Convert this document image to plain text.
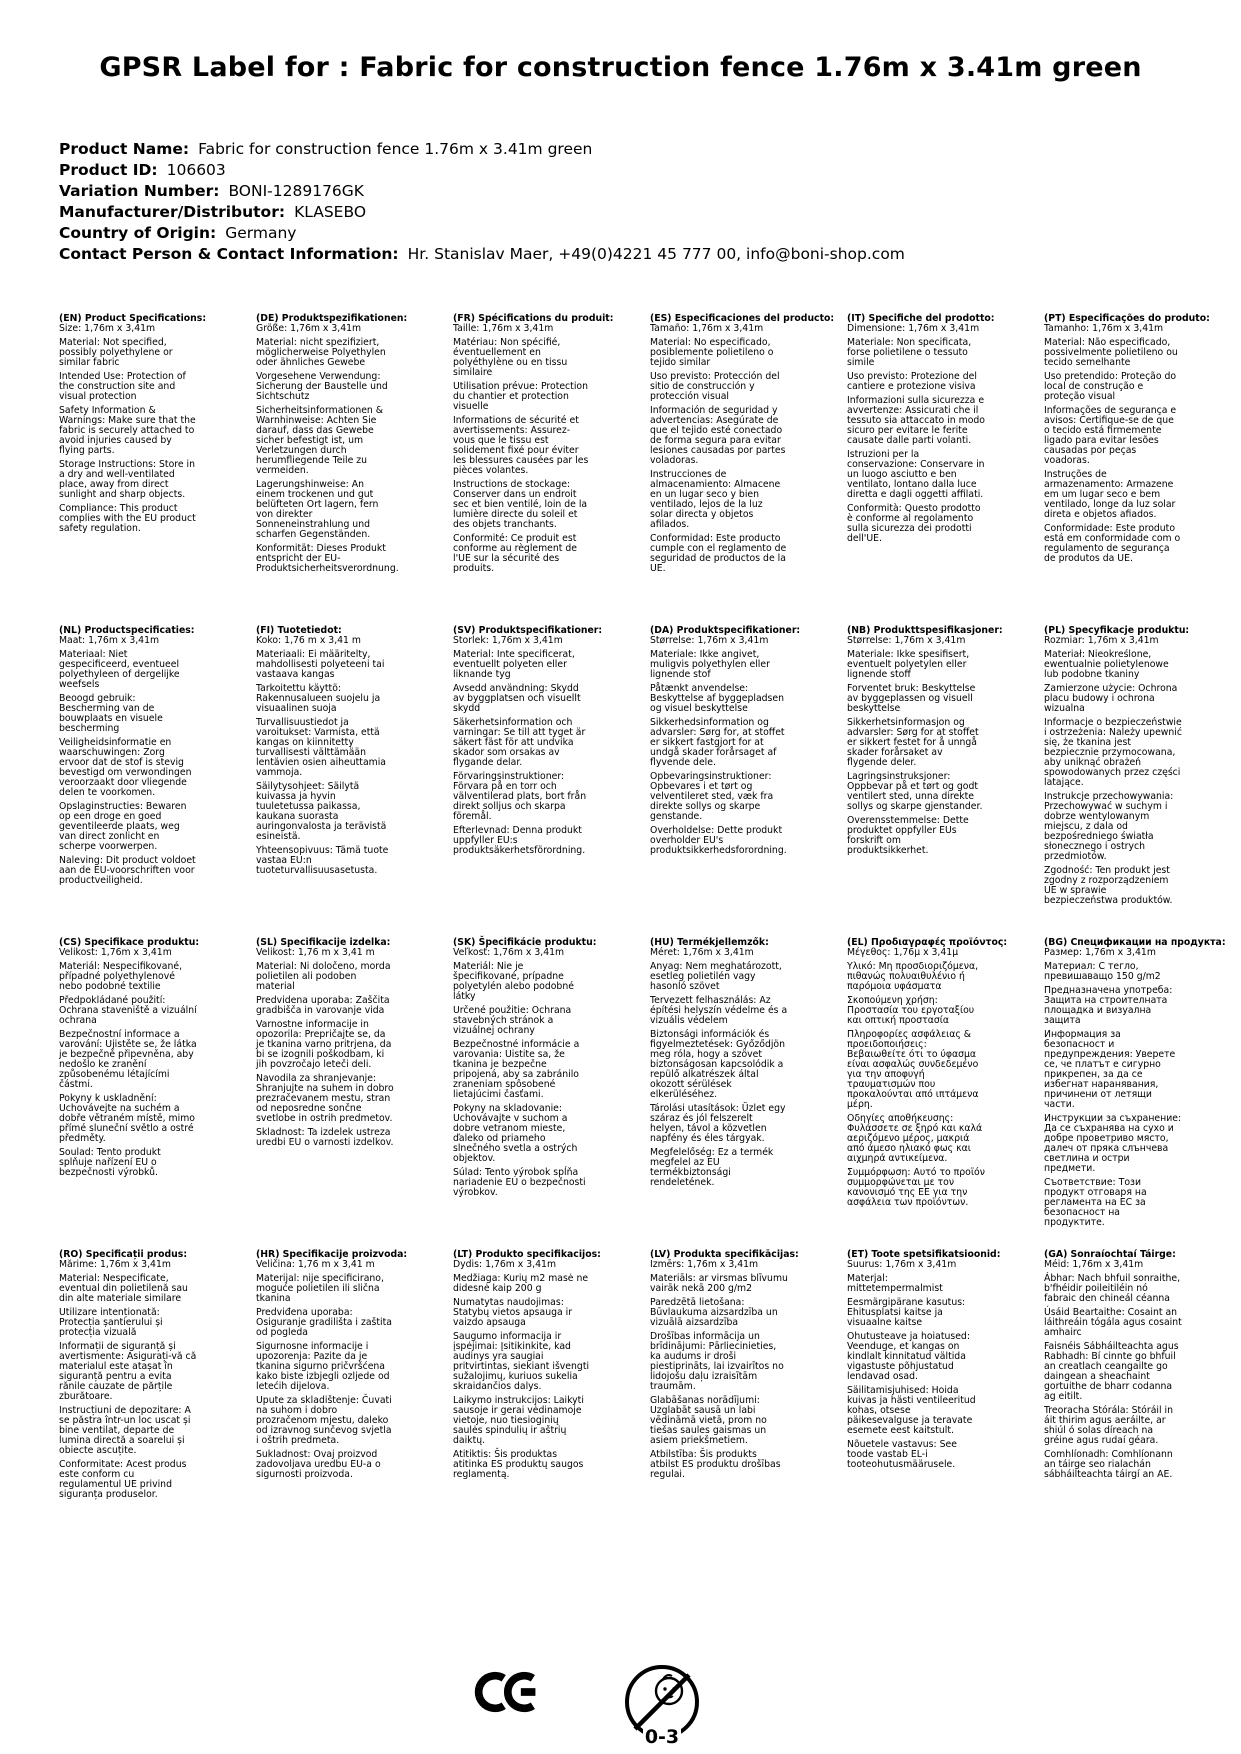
GPSR Label for : Fabric for construction fence 1.76m x 3.41m green
Product Name: Fabric for construction fence 1.76m x 3.41m green
Product ID: 106603
Variation Number: BONI-1289176GK
Manufacturer/Distributor: KLASEBO
Country of Origin: Germany
Contact Person & Contact Information: Hr. Stanislav Maer, +49(0)4221 45 777 00, info@boni-shop.com
(EN) Product Specifications:

Size: 1,76m x 3,41m

Material: Not specified, possibly polyethylene or similar fabric

Intended Use: Protection of the construction site and visual protection

Safety Information & Warnings: Make sure that the fabric is securely attached to avoid injuries caused by flying parts.

Storage Instructions: Store in a dry and well-ventilated place, away from direct sunlight and sharp objects.

Compliance: This product complies with the EU product safety regulation.

(DE) Produktspezifikationen:

Größe: 1,76m x 3,41m

Material: nicht spezifiziert, möglicherweise Polyethylen oder ähnliches Gewebe

Vorgesehene Verwendung: Sicherung der Baustelle und Sichtschutz

Sicherheitsinformationen & Warnhinweise: Achten Sie darauf, dass das Gewebe sicher befestigt ist, um Verletzungen durch herumfliegende Teile zu vermeiden.

Lagerungshinweise: An einem trockenen und gut belüfteten Ort lagern, fern von direkter Sonneneinstrahlung und scharfen Gegenständen.

Konformität: Dieses Produkt entspricht der EU-Produktsicherheitsverordnung.

(FR) Spécifications du produit:

Taille: 1,76m x 3,41m

Matériau: Non spécifié, éventuellement en polyéthylène ou en tissu similaire

Utilisation prévue: Protection du chantier et protection visuelle

Informations de sécurité et avertissements: Assurez-vous que le tissu est solidement fixé pour éviter les blessures causées par les pièces volantes.

Instructions de stockage: Conserver dans un endroit sec et bien ventilé, loin de la lumière directe du soleil et des objets tranchants.

Conformité: Ce produit est conforme au règlement de l'UE sur la sécurité des produits.

(ES) Especificaciones del producto:

Tamaño: 1,76m x 3,41m

Material: No especificado, posiblemente polietileno o tejido similar

Uso previsto: Protección del sitio de construcción y protección visual

Información de seguridad y advertencias: Asegúrate de que el tejido esté conectado de forma segura para evitar lesiones causadas por partes voladoras.

Instrucciones de almacenamiento: Almacene en un lugar seco y bien ventilado, lejos de la luz solar directa y objetos afilados.

Conformidad: Este producto cumple con el reglamento de seguridad de productos de la UE.

(IT) Specifiche del prodotto:

Dimensione: 1,76m x 3,41m

Materiale: Non specificata, forse polietilene o tessuto simile

Uso previsto: Protezione del cantiere e protezione visiva

Informazioni sulla sicurezza e avvertenze: Assicurati che il tessuto sia attaccato in modo sicuro per evitare le ferite causate dalle parti volanti.

Istruzioni per la conservazione: Conservare in un luogo asciutto e ben ventilato, lontano dalla luce diretta e dagli oggetti affilati.

Conformità: Questo prodotto è conforme al regolamento sulla sicurezza dei prodotti dell'UE.

(PT) Especificações do produto:

Tamanho: 1,76m x 3,41m

Material: Não especificado, possivelmente polietileno ou tecido semelhante

Uso pretendido: Proteção do local de construção e proteção visual

Informações de segurança e avisos: Certifique-se de que o tecido está firmemente ligado para evitar lesões causadas por peças voadoras.

Instruções de armazenamento: Armazene em um lugar seco e bem ventilado, longe da luz solar direta e objetos afiados.

Conformidade: Este produto está em conformidade com o regulamento de segurança de produtos da UE.

(NL) Productspecificaties:

Maat: 1,76m x 3,41m

Materiaal: Niet gespecificeerd, eventueel polyethyleen of dergelijke weefsels

Beoogd gebruik: Bescherming van de bouwplaats en visuele bescherming

Veiligheidsinformatie en waarschuwingen: Zorg ervoor dat de stof is stevig bevestigd om verwondingen veroorzaakt door vliegende delen te voorkomen.

Opslaginstructies: Bewaren op een droge en goed geventileerde plaats, weg van direct zonlicht en scherpe voorwerpen.

Naleving: Dit product voldoet aan de EU-voorschriften voor productveiligheid.

(FI) Tuotetiedot:

Koko: 1,76 m x 3,41 m

Materiaali: Ei määritelty, mahdollisesti polyeteeni tai vastaava kangas

Tarkoitettu käyttö: Rakennusalueen suojelu ja visuaalinen suoja

Turvallisuustiedot ja varoitukset: Varmista, että kangas on kiinnitetty turvallisesti välttämään lentävien osien aiheuttamia vammoja.

Säilytysohjeet: Säilytä kuivassa ja hyvin tuuletetussa paikassa, kaukana suorasta auringonvalosta ja terävistä esineistä.

Yhteensopivuus: Tämä tuote vastaa EU:n tuoteturvallisuusasetusta.

(SV) Produktspecifikationer:

Storlek: 1,76m x 3,41m

Material: Inte specificerat, eventuellt polyeten eller liknande tyg

Avsedd användning: Skydd av byggplatsen och visuellt skydd

Säkerhetsinformation och varningar: Se till att tyget är säkert fäst för att undvika skador som orsakas av flygande delar.

Förvaringsinstruktioner: Förvara på en torr och välventilerad plats, bort från direkt solljus och skarpa föremål.

Efterlevnad: Denna produkt uppfyller EU:s produktsäkerhetsförordning.

(DA) Produktspecifikationer:

Størrelse: 1,76m x 3,41m

Materiale: Ikke angivet, muligvis polyethylen eller lignende stof

Påtænkt anvendelse: Beskyttelse af byggepladsen og visuel beskyttelse

Sikkerhedsinformation og advarsler: Sørg for, at stoffet er sikkert fastgjort for at undgå skader forårsaget af flyvende dele.

Opbevaringsinstruktioner: Opbevares i et tørt og velventileret sted, væk fra direkte sollys og skarpe genstande.

Overholdelse: Dette produkt overholder EU's produktsikkerhedsforordning.

(NB) Produkttspesifikasjoner:

Størrelse: 1,76m x 3,41m

Materiale: Ikke spesifisert, eventuelt polyetylen eller lignende stoff

Forventet bruk: Beskyttelse av byggeplassen og visuell beskyttelse

Sikkerhetsinformasjon og advarsler: Sørg for at stoffet er sikkert festet for å unngå skader forårsaket av flygende deler.

Lagringsinstruksjoner: Oppbevar på et tørt og godt ventilert sted, unna direkte sollys og skarpe gjenstander.

Overensstemmelse: Dette produktet oppfyller EUs forskrift om produktsikkerhet.

(PL) Specyfikacje produktu:

Rozmiar: 1,76m x 3,41m

Materiał: Nieokreślone, ewentualnie polietylenowe lub podobne tkaniny

Zamierzone użycie: Ochrona placu budowy i ochrona wizualna

Informacje o bezpieczeństwie i ostrzeżenia: Należy upewnić się, że tkanina jest bezpiecznie przymocowana, aby uniknąć obrażeń spowodowanych przez części latające.

Instrukcje przechowywania: Przechowywać w suchym i dobrze wentylowanym miejscu, z dala od bezpośredniego światła słonecznego i ostrych przedmiotów.

Zgodność: Ten produkt jest zgodny z rozporządzeniem UE w sprawie bezpieczeństwa produktów.

(CS) Specifikace produktu:

Velikost: 1,76m x 3,41m

Materiál: Nespecifikované, případné polyethylenové nebo podobné textilie

Předpokládané použití: Ochrana staveniště a vizuální ochrana

Bezpečnostní informace a varování: Ujistěte se, že látka je bezpečně připevněna, aby nedošlo ke zranění způsobenému létajícími částmi.

Pokyny k uskladnění: Uchovávejte na suchém a dobře větraném místě, mimo přímé sluneční světlo a ostré předměty.

Soulad: Tento produkt splňuje nařízení EU o bezpečnosti výrobků.

(SL) Specifikacije izdelka:

Velikost: 1,76 m x 3,41 m

Material: Ni določeno, morda polietilen ali podoben material

Predvidena uporaba: Zaščita gradbišča in varovanje vida

Varnostne informacije in opozorila: Prepričajte se, da je tkanina varno pritrjena, da bi se izognili poškodbam, ki jih povzročajo leteči deli.

Navodila za shranjevanje: Shranjujte na suhem in dobro prezračevanem mestu, stran od neposredne sončne svetlobe in ostrih predmetov.

Skladnost: Ta izdelek ustreza uredbi EU o varnosti izdelkov.

(SK) Špecifikácie produktu:

Veľkosť: 1,76m x 3,41m

Materiál: Nie je špecifikované, prípadne polyetylén alebo podobné látky

Určené použitie: Ochrana stavebných stránok a vizuálnej ochrany

Bezpečnostné informácie a varovania: Uistite sa, že tkanina je bezpečne pripojená, aby sa zabránilo zraneniam spôsobené lietajúcimi časťami.

Pokyny na skladovanie: Uchovávajte v suchom a dobre vetranom mieste, ďaleko od priameho slnečného svetla a ostrých objektov.

Súlad: Tento výrobok spĺňa nariadenie EÚ o bezpečnosti výrobkov.

(HU) Termékjellemzők:

Méret: 1,76m x 3,41m

Anyag: Nem meghatározott, esetleg polietilén vagy hasonló szövet

Tervezett felhasználás: Az építési helyszín védelme és a vizuális védelem

Biztonsági információk és figyelmeztetések: Győződjön meg róla, hogy a szövet biztonságosan kapcsolódik a repülő alkatrészek által okozott sérülések elkerüléséhez.

Tárolási utasítások: Üzlet egy száraz és jól felszerelt helyen, távol a közvetlen napfény és éles tárgyak.

Megfelelőség: Ez a termék megfelel az EU termékbiztonsági rendeletének.

(EL) Προδιαγραφές προϊόντος:

Μέγεθος: 1,76μ x 3,41μ

Υλικό: Μη προσδιοριζόμενα, πιθανώς πολυαιθυλένιο ή παρόμοια υφάσματα

Σκοπούμενη χρήση: Προστασία του εργοταξίου και οπτική προστασία

Πληροφορίες ασφάλειας & προειδοποιήσεις: Βεβαιωθείτε ότι το ύφασμα είναι ασφαλώς συνδεδεμένο για την αποφυγή τραυματισμών που προκαλούνται από ιπτάμενα μέρη.

Οδηγίες αποθήκευσης: Φυλάσσετε σε ξηρό και καλά αεριζόμενο μέρος, μακριά από άμεσο ηλιακό φως και αιχμηρά αντικείμενα.

Συμμόρφωση: Αυτό το προϊόν συμμορφώνεται με τον κανονισμό της ΕΕ για την ασφάλεια των προϊόντων.

(BG) Спецификации на продукта:

Размер: 1,76m x 3,41m

Материал: С тегло, превишаващо 150 g/m2

Предназначена употреба: Защита на строителната площадка и визуална защита

Информация за безопасност и предупреждения: Уверете се, че платът е сигурно прикрепен, за да се избегнат наранявания, причинени от летящи части.

Инструкции за съхранение: Да се съхранява на сухо и добре проветриво място, далеч от пряка слънчева светлина и остри предмети.

Съответствие: Този продукт отговаря на регламента на ЕС за безопасност на продуктите.

(RO) Specificații produs:

Mărime: 1,76m x 3,41m

Material: Nespecificate, eventual din polietilenă sau din alte materiale similare

Utilizare intenționată: Protecția șantierului și protecția vizuală

Informații de siguranță și avertismente: Asigurați-vă că materialul este atașat în siguranță pentru a evita rănile cauzate de părțile zburătoare.

Instrucțiuni de depozitare: A se păstra într-un loc uscat și bine ventilat, departe de lumina directă a soarelui și obiecte ascuțite.

Conformitate: Acest produs este conform cu regulamentul UE privind siguranța produselor.

(HR) Specifikacije proizvoda:

Veličina: 1,76 m x 3,41 m

Materijal: nije specificirano, moguće polietilen ili slična tkanina

Predviđena uporaba: Osiguranje gradilišta i zaštita od pogleda

Sigurnosne informacije i upozorenja: Pazite da je tkanina sigurno pričvršćena kako biste izbjegli ozljede od letećih dijelova.

Upute za skladištenje: Čuvati na suhom i dobro prozračenom mjestu, daleko od izravnog sunčevog svjetla i oštrih predmeta.

Sukladnost: Ovaj proizvod zadovoljava uredbu EU-a o sigurnosti proizvoda.

(LT) Produkto specifikacijos:

Dydis: 1,76m x 3,41m

Medžiaga: Kurių m2 masė ne didesnė kaip 200 g

Numatytas naudojimas: Statybų vietos apsauga ir vaizdo apsauga

Saugumo informacija ir įspėjimai: Įsitikinkite, kad audinys yra saugiai pritvirtintas, siekiant išvengti sužalojimų, kuriuos sukelia skraidančios dalys.

Laikymo instrukcijos: Laikyti sausoje ir gerai vėdinamoje vietoje, nuo tiesioginių saulės spindulių ir aštrių daiktų.

Atitiktis: Šis produktas atitinka ES produktų saugos reglamentą.

(LV) Produkta specifikācijas:

Izmērs: 1,76m x 3,41m

Materiāls: ar virsmas blīvumu vairāk nekā 200 g/m2

Paredzētā lietošana: Būvlaukuma aizsardzība un vizuālā aizsardzība

Drošības informācija un brīdinājumi: Pārliecinieties, ka audums ir droši piestiprināts, lai izvairītos no lidojošu daļu izraisītām traumām.

Glabāšanas norādījumi: Uzglabāt sausā un labi vēdināmā vietā, prom no tiešas saules gaismas un asiem priekšmetiem.

Atbilstība: Šis produkts atbilst ES produktu drošības regulai.

(ET) Toote spetsifikatsioonid:

Suurus: 1,76m x 3,41m

Materjal: mittetempermalmist

Eesmärgipärane kasutus: Ehitusplatsi kaitse ja visuaalne kaitse

Ohutusteave ja hoiatused: Veenduge, et kangas on kindlalt kinnitatud vältida vigastuste põhjustatud lendavad osad.

Säilitamisjuhised: Hoida kuivas ja hästi ventileeritud kohas, otsese päikesevalguse ja teravate esemete eest kaitstult.

Nõuetele vastavus: See toode vastab EL-i tooteohutusmäärusele.

(GA) Sonraíochtaí Táirge:

Méid: 1,76m x 3,41m

Ábhar: Nach bhfuil sonraithe, b'fhéidir poileitiléin nó fabraic den chineál céanna

Úsáid Beartaithe: Cosaint an láithreáin tógála agus cosaint amhairc

Faisnéis Sábháilteachta agus Rabhadh: Bí cinnte go bhfuil an creatlach ceangailte go daingean a sheachaint gortuithe de bharr codanna ag eitilt.

Treoracha Stórála: Stóráil in áit thirim agus aeráilte, ar shiúl ó solas díreach na gréine agus rudaí géara.

Comhlíonadh: Comhlíonann an táirge seo rialachán sábháilteachta táirgí an AE.

0-3
